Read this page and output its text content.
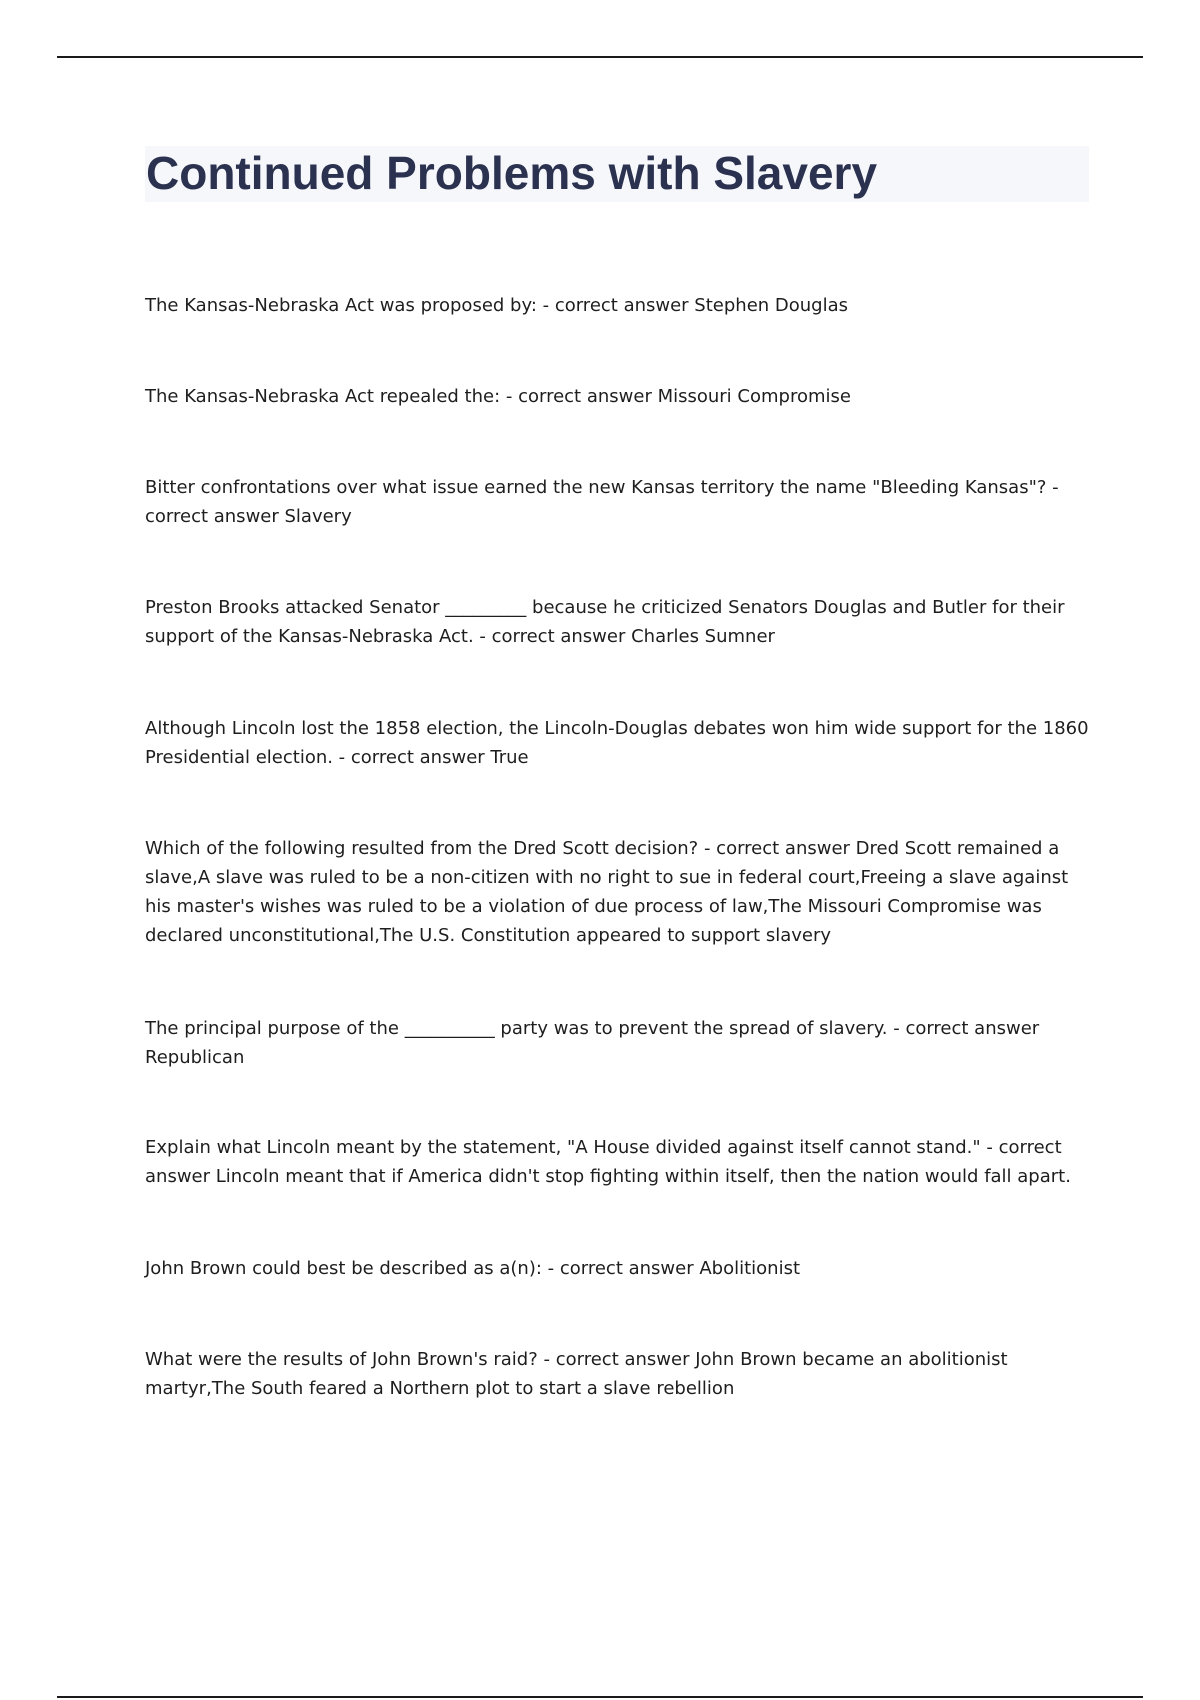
Continued Problems with Slavery

The Kansas-Nebraska Act was proposed by: - correct answer Stephen Douglas

The Kansas-Nebraska Act repealed the: - correct answer Missouri Compromise

Bitter confrontations over what issue earned the new Kansas territory the name "Bleeding Kansas"? - correct answer Slavery

Preston Brooks attacked Senator _________ because he criticized Senators Douglas and Butler for their support of the Kansas-Nebraska Act. - correct answer Charles Sumner

Although Lincoln lost the 1858 election, the Lincoln-Douglas debates won him wide support for the 1860 Presidential election. - correct answer True

Which of the following resulted from the Dred Scott decision? - correct answer Dred Scott remained a slave,A slave was ruled to be a non-citizen with no right to sue in federal court,Freeing a slave against his master's wishes was ruled to be a violation of due process of law,The Missouri Compromise was declared unconstitutional,The U.S. Constitution appeared to support slavery

The principal purpose of the __________ party was to prevent the spread of slavery. - correct answer Republican

Explain what Lincoln meant by the statement, "A House divided against itself cannot stand." - correct answer Lincoln meant that if America didn't stop fighting within itself, then the nation would fall apart.

John Brown could best be described as a(n): - correct answer Abolitionist

What were the results of John Brown's raid? - correct answer John Brown became an abolitionist martyr,The South feared a Northern plot to start a slave rebellion
